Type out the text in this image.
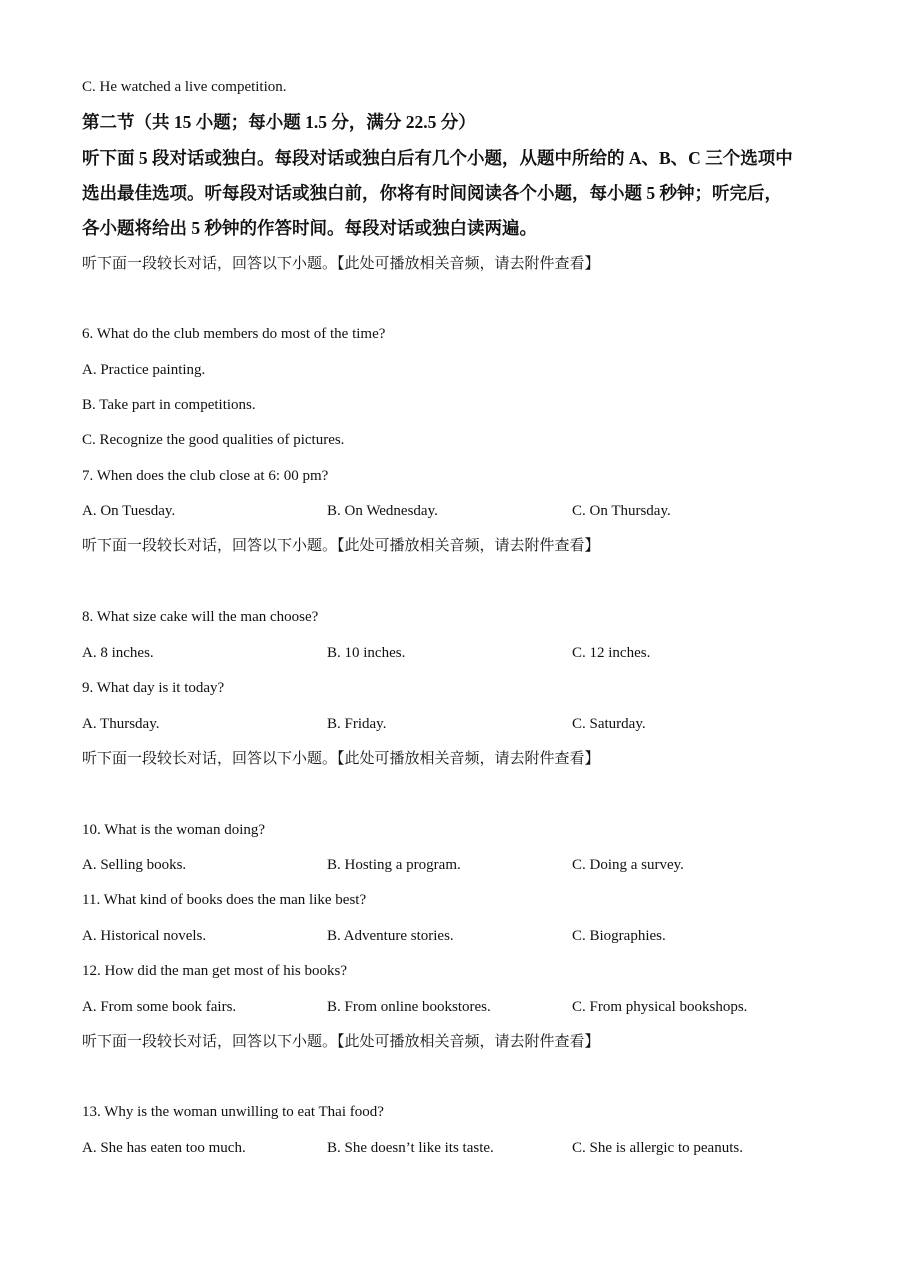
C. He watched a live competition.
第二节（共 15 小题；每小题 1.5 分，满分 22.5 分）
听下面 5 段对话或独白。每段对话或独白后有几个小题，从题中所给的 A、B、C 三个选项中
选出最佳选项。听每段对话或独白前，你将有时间阅读各个小题，每小题 5 秒钟；听完后，
各小题将给出 5 秒钟的作答时间。每段对话或独白读两遍。
听下面一段较长对话，回答以下小题。【此处可播放相关音频，请去附件查看】
6. What do the club members do most of the time?
A. Practice painting.
B. Take part in competitions.
C. Recognize the good qualities of pictures.
7. When does the club close at 6: 00 pm?
A. On Tuesday.	B. On Wednesday.	C. On Thursday.
听下面一段较长对话，回答以下小题。【此处可播放相关音频，请去附件查看】
8. What size cake will the man choose?
A. 8 inches.	B. 10 inches.	C. 12 inches.
9. What day is it today?
A. Thursday.	B. Friday.	C. Saturday.
听下面一段较长对话，回答以下小题。【此处可播放相关音频，请去附件查看】
10. What is the woman doing?
A. Selling books.	B. Hosting a program.	C. Doing a survey.
11. What kind of books does the man like best?
A. Historical novels.	B. Adventure stories.	C. Biographies.
12. How did the man get most of his books?
A. From some book fairs.	B. From online bookstores.	C. From physical bookshops.
听下面一段较长对话，回答以下小题。【此处可播放相关音频，请去附件查看】
13. Why is the woman unwilling to eat Thai food?
A. She has eaten too much.	B. She doesn’t like its taste.	C. She is allergic to peanuts.
